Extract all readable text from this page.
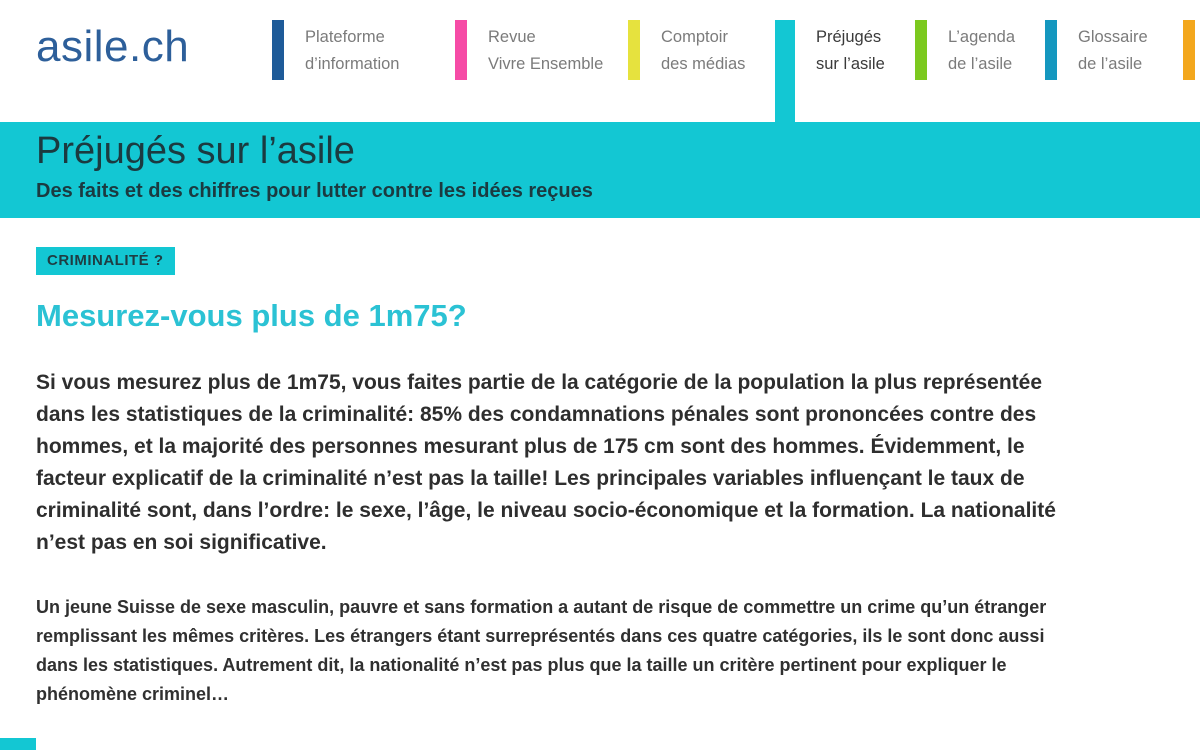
asile.ch	Plateforme
d’information
Revue
Vivre Ensemble
Comptoir
des médias
Préjugés
sur l’asile
L’agenda
de l’asile
Glossaire
de l’asile
Préjugés sur l’asile

Des faits et des chiffres pour lutter contre les idées reçues

CRIMINALITÉ ?
Mesurez-vous plus de 1m75?

Si vous mesurez plus de 1m75, vous faites partie de la catégorie de la population la plus représentée dans les statistiques de la criminalité: 85% des condamnations pénales sont prononcées contre des hommes, et la majorité des personnes mesurant plus de 175 cm sont des hommes. Évidemment, le facteur explicatif de la criminalité n’est pas la taille! Les principales variables influençant le taux de criminalité sont, dans l’ordre: le sexe, l’âge, le niveau socio-économique et la formation. La nationalité n’est pas en soi significative.

Un jeune Suisse de sexe masculin, pauvre et sans formation a autant de risque de commettre un crime qu’un étranger remplissant les mêmes critères. Les étrangers étant surreprésentés dans ces quatre catégories, ils le sont donc aussi dans les statistiques. Autrement dit, la nationalité n’est pas plus que la taille un critère pertinent pour expliquer le phénomène criminel…
